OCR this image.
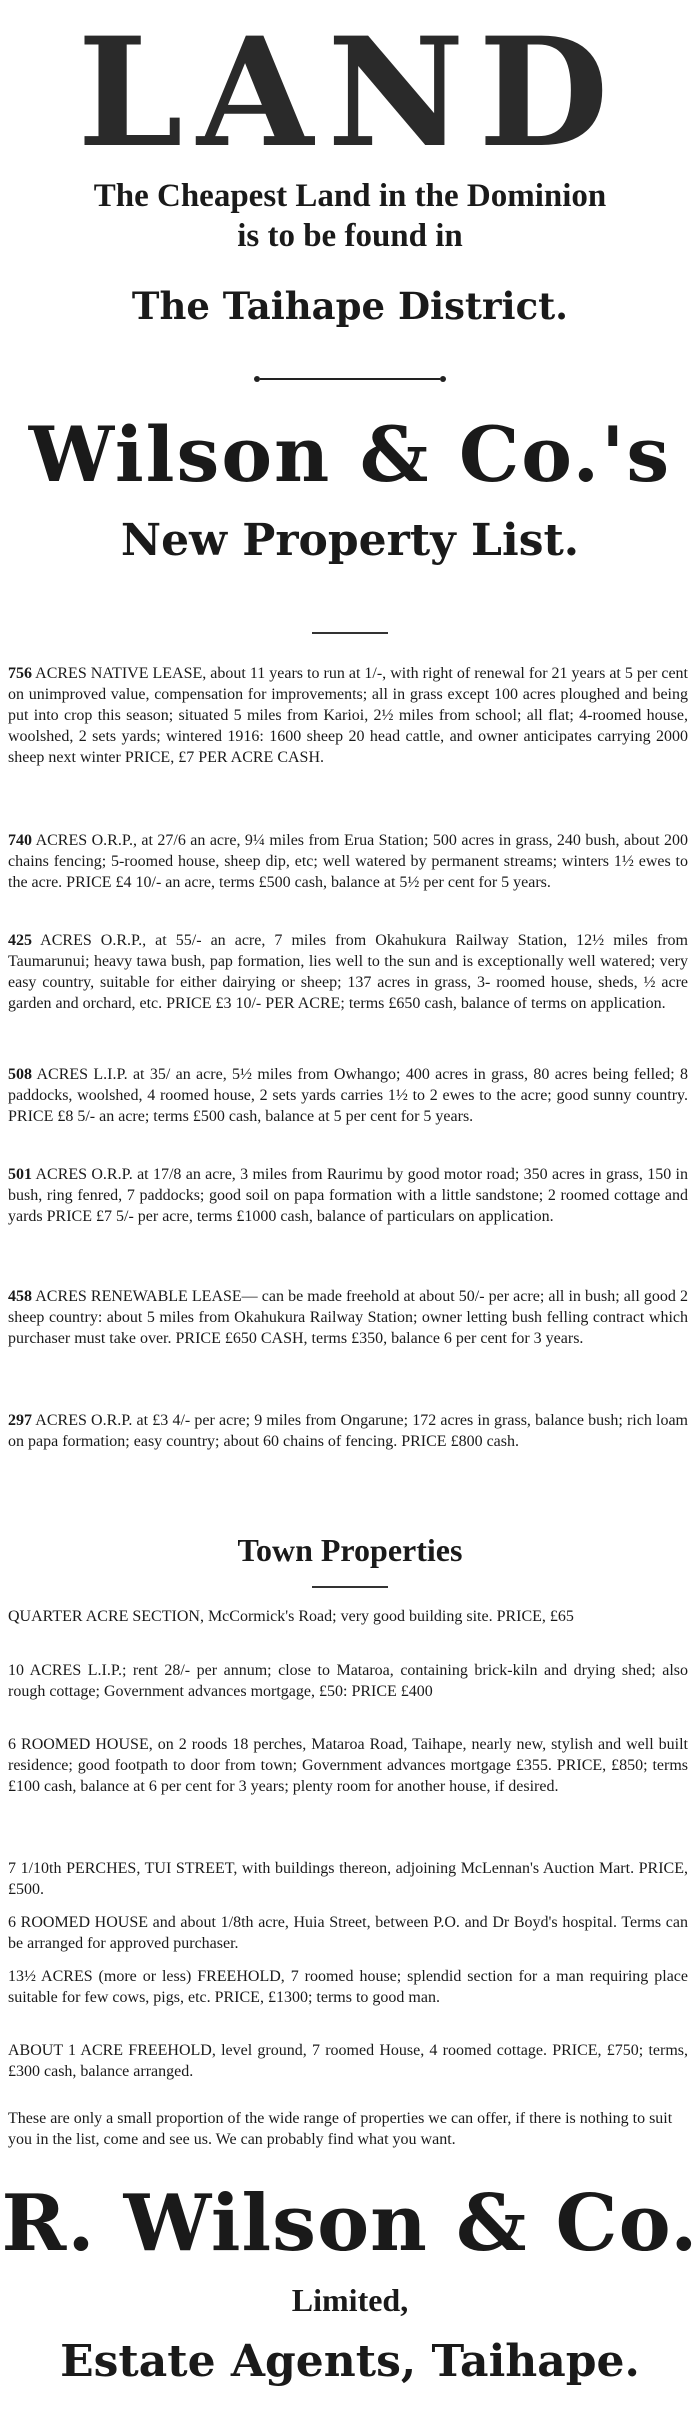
LAND
The Cheapest Land in the Dominion
is to be found in
The Taihape District.
Wilson & Co.'s
New Property List.
756 ACRES NATIVE LEASE, about 11 years to run at 1/-, with right of renewal for 21 years at 5 per cent on unimproved value, compensation for improvements; all in grass except 100 acres ploughed and being put into crop this season; situated 5 miles from Karioi, 2½ miles from school; all flat; 4-roomed house, woolshed, 2 sets yards; wintered 1916: 1600 sheep 20 head cattle, and owner anticipates carrying 2000 sheep next winter PRICE, £7 PER ACRE CASH.
740 ACRES O.R.P., at 27/6 an acre, 9¼ miles from Erua Station; 500 acres in grass, 240 bush, about 200 chains fencing; 5-roomed house, sheep dip, etc; well watered by permanent streams; winters 1½ ewes to the acre. PRICE £4 10/- an acre, terms £500 cash, balance at 5½ per cent for 5 years.
425 ACRES O.R.P., at 55/- an acre, 7 miles from Okahukura Railway Station, 12½ miles from Taumarunui; heavy tawa bush, pap formation, lies well to the sun and is exceptionally well watered; very easy country, suitable for either dairying or sheep; 137 acres in grass, 3- roomed house, sheds, ½ acre garden and orchard, etc. PRICE £3 10/- PER ACRE; terms £650 cash, balance of terms on application.
508 ACRES L.I.P. at 35/ an acre, 5½ miles from Owhango; 400 acres in grass, 80 acres being felled; 8 paddocks, woolshed, 4 roomed house, 2 sets yards carries 1½ to 2 ewes to the acre; good sunny country. PRICE £8 5/- an acre; terms £500 cash, balance at 5 per cent for 5 years.
501 ACRES O.R.P. at 17/8 an acre, 3 miles from Raurimu by good motor road; 350 acres in grass, 150 in bush, ring fenred, 7 paddocks; good soil on papa formation with a little sandstone; 2 roomed cottage and yards PRICE £7 5/- per acre, terms £1000 cash, balance of particulars on application.
458 ACRES RENEWABLE LEASE— can be made freehold at about 50/- per acre; all in bush; all good 2 sheep country: about 5 miles from Okahukura Railway Station; owner letting bush felling contract which purchaser must take over. PRICE £650 CASH, terms £350, balance 6 per cent for 3 years.
297 ACRES O.R.P. at £3 4/- per acre; 9 miles from Ongarune; 172 acres in grass, balance bush; rich loam on papa formation; easy country; about 60 chains of fencing. PRICE £800 cash.
Town Properties
QUARTER ACRE SECTION, McCormick's Road; very good building site. PRICE, £65
10 ACRES L.I.P.; rent 28/- per annum; close to Mataroa, containing brick-kiln and drying shed; also rough cottage; Government advances mortgage, £50: PRICE £400
6 ROOMED HOUSE, on 2 roods 18 perches, Mataroa Road, Taihape, nearly new, stylish and well built residence; good footpath to door from town; Government advances mortgage £355. PRICE, £850; terms £100 cash, balance at 6 per cent for 3 years; plenty room for another house, if desired.
7 1/10th PERCHES, TUI STREET, with buildings thereon, adjoining McLennan's Auction Mart. PRICE, £500.
6 ROOMED HOUSE and about 1/8th acre, Huia Street, between P.O. and Dr Boyd's hospital. Terms can be arranged for approved purchaser.
13½ ACRES (more or less) FREEHOLD, 7 roomed house; splendid section for a man requiring place suitable for few cows, pigs, etc. PRICE, £1300; terms to good man.
ABOUT 1 ACRE FREEHOLD, level ground, 7 roomed House, 4 roomed cottage. PRICE, £750; terms, £300 cash, balance arranged.
These are only a small proportion of the wide range of properties we can offer, if there is nothing to suit you in the list, come and see us. We can probably find what you want.
R. Wilson & Co.
Limited,
Estate Agents, Taihape.
